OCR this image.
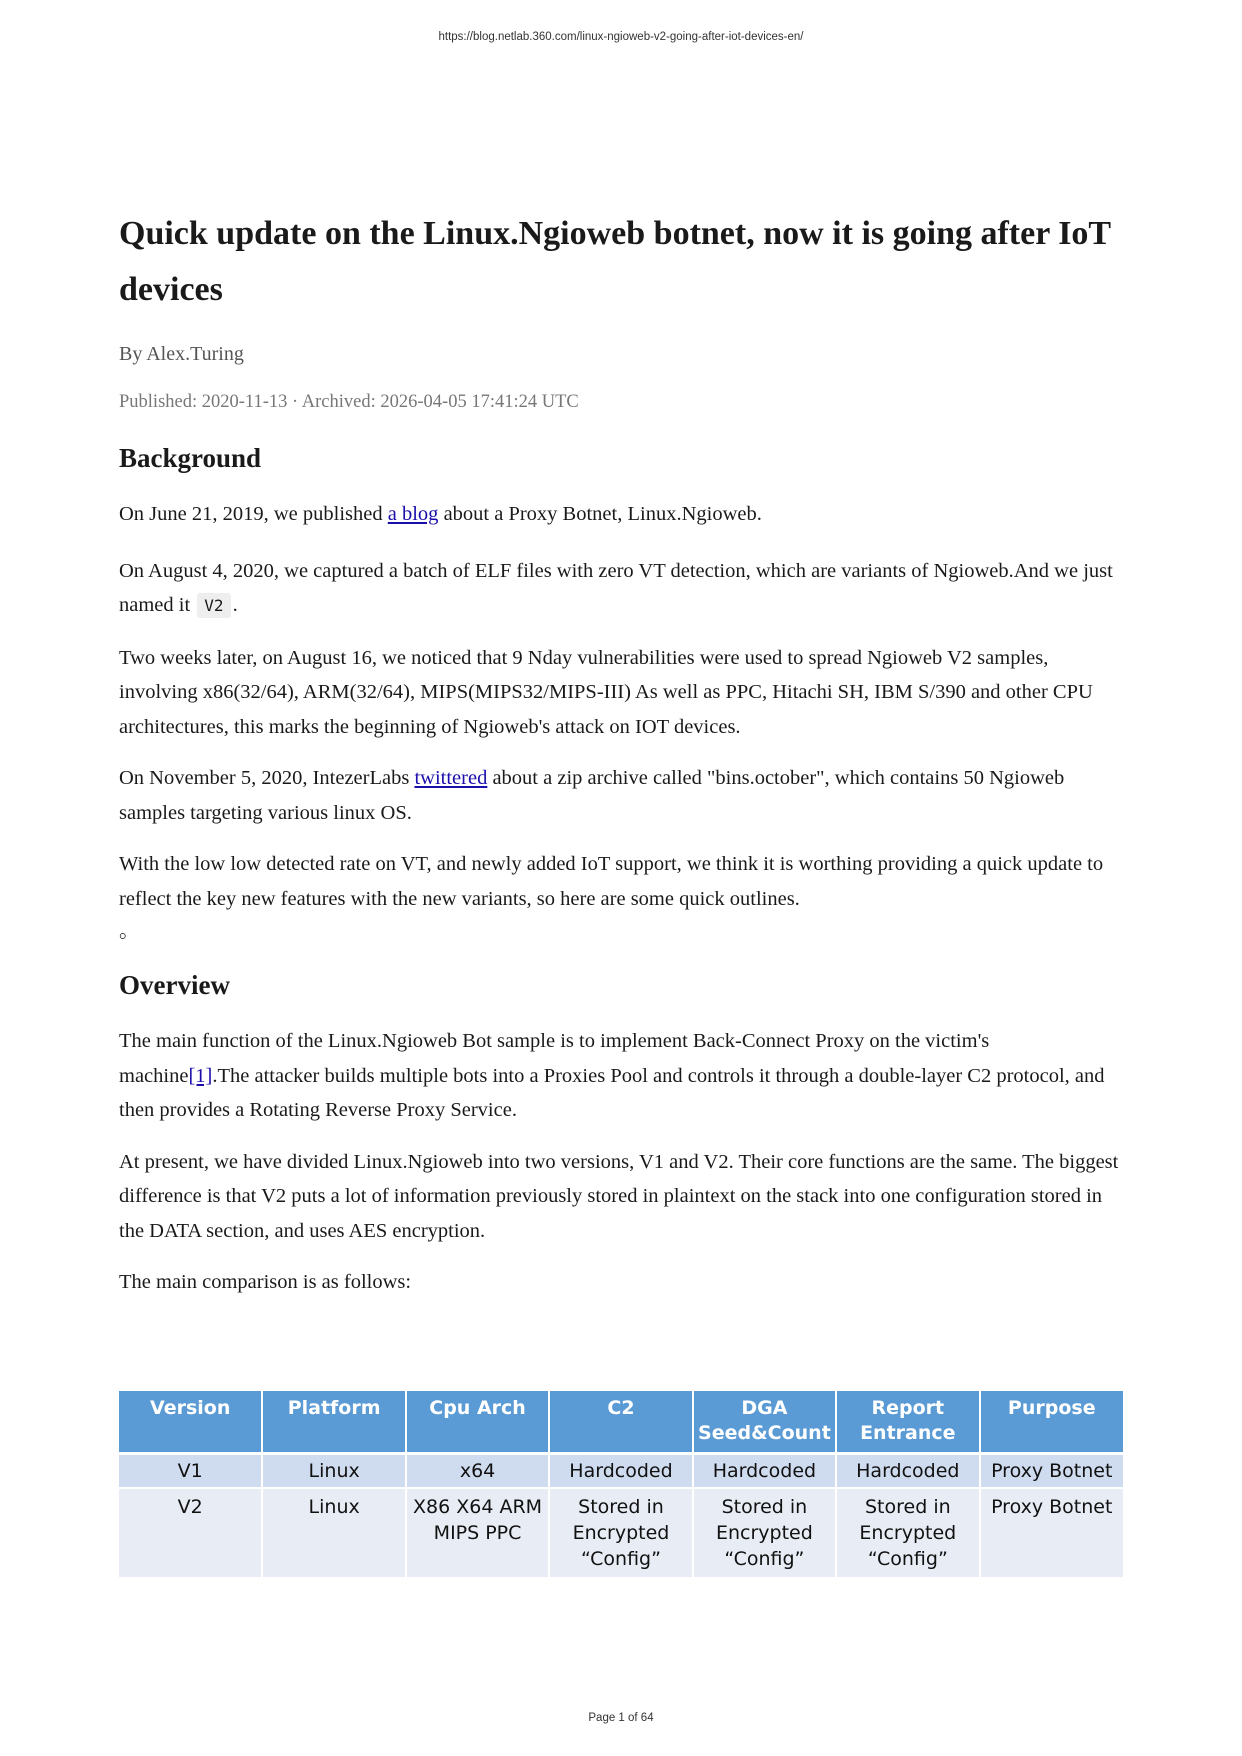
https://blog.netlab.360.com/linux-ngioweb-v2-going-after-iot-devices-en/
Quick update on the Linux.Ngioweb botnet, now it is going after IoT devices
By Alex.Turing
Published: 2020-11-13 · Archived: 2026-04-05 17:41:24 UTC
Background

On June 21, 2019, we published a blog about a Proxy Botnet, Linux.Ngioweb.

On August 4, 2020, we captured a batch of ELF files with zero VT detection, which are variants of Ngioweb.And we just named it V2 .

Two weeks later, on August 16, we noticed that 9 Nday vulnerabilities were used to spread Ngioweb V2 samples, involving x86(32/64), ARM(32/64), MIPS(MIPS32/MIPS-III) As well as PPC, Hitachi SH, IBM S/390 and other CPU architectures, this marks the beginning of Ngioweb's attack on IOT devices.

On November 5, 2020, IntezerLabs twittered about a zip archive called "bins.october", which contains 50 Ngioweb samples targeting various linux OS.

With the low low detected rate on VT, and newly added IoT support, we think it is worthing providing a quick update to reflect the key new features with the new variants, so here are some quick outlines.

。

Overview

The main function of the Linux.Ngioweb Bot sample is to implement Back-Connect Proxy on the victim's machine[1].The attacker builds multiple bots into a Proxies Pool and controls it through a double-layer C2 protocol, and then provides a Rotating Reverse Proxy Service.

At present, we have divided Linux.Ngioweb into two versions, V1 and V2. Their core functions are the same. The biggest difference is that V2 puts a lot of information previously stored in plaintext on the stack into one configuration stored in the DATA section, and uses AES encryption.

The main comparison is as follows:

Version	Platform	Cpu Arch	C2	DGA Seed&Count	Report Entrance	Purpose
V1	Linux	x64	Hardcoded	Hardcoded	Hardcoded	Proxy Botnet
V2	Linux	X86 X64 ARM MIPS PPC	Stored in Encrypted “Config”	Stored in Encrypted “Config”	Stored in Encrypted “Config”	Proxy Botnet
Page 1 of 64
